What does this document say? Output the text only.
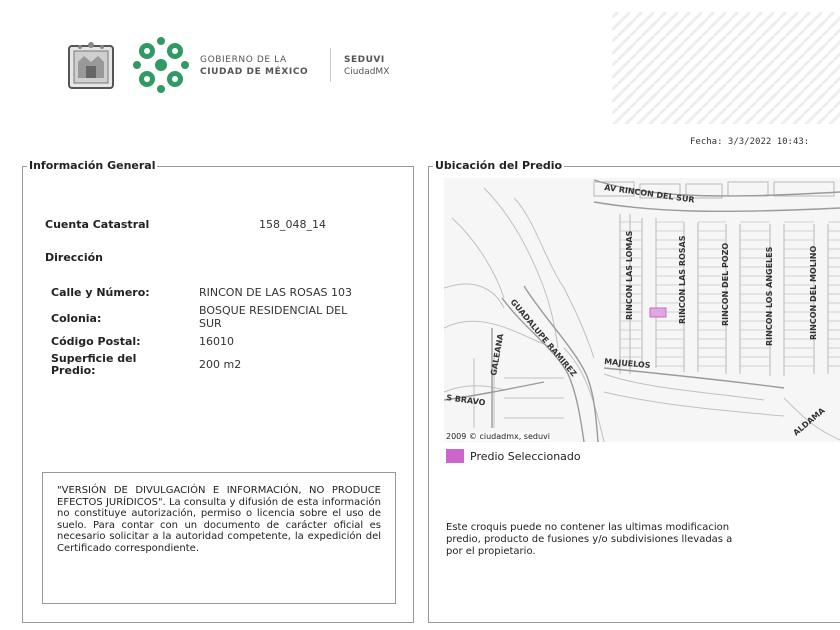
GOBIERNO DE LA
CIUDAD DE MÉXICO
SEDUVI
CiudadMX
Fecha: 3/3/2022 10:43:
Información General
Cuenta Catastral	158_048_14
Dirección
Calle y Número:	RINCON DE LAS ROSAS 103
Colonia:
BOSQUE RESIDENCIAL DEL
SUR
Código Postal:	16010
Superficie del
Predio:	200 m2
"VERSIÓN DE DIVULGACIÓN E INFORMACIÓN, NO PRODUCE EFECTOS JURÍDICOS". La consulta y difusión de esta información no constituye autorización, permiso o licencia sobre el uso de suelo. Para contar con un documento de carácter oficial es necesario solicitar a la autoridad competente, la expedición del Certificado correspondiente.
Ubicación del Predio
AV RINCON DEL SUR
RINCON LAS LOMAS	RINCON LAS ROSAS	RINCON DEL POZO	RINCON LOS ANGELES	RINCON DEL MOLINO
GUADALUPE RAMIREZ
GALEANA	MAJUELOS
S BRAVO
ALDAMA
2009 © ciudadmx, seduvi
Predio Seleccionado
Este croquis puede no contener las ultimas modificacion
predio, producto de fusiones y/o subdivisiones llevadas a
por el propietario.
